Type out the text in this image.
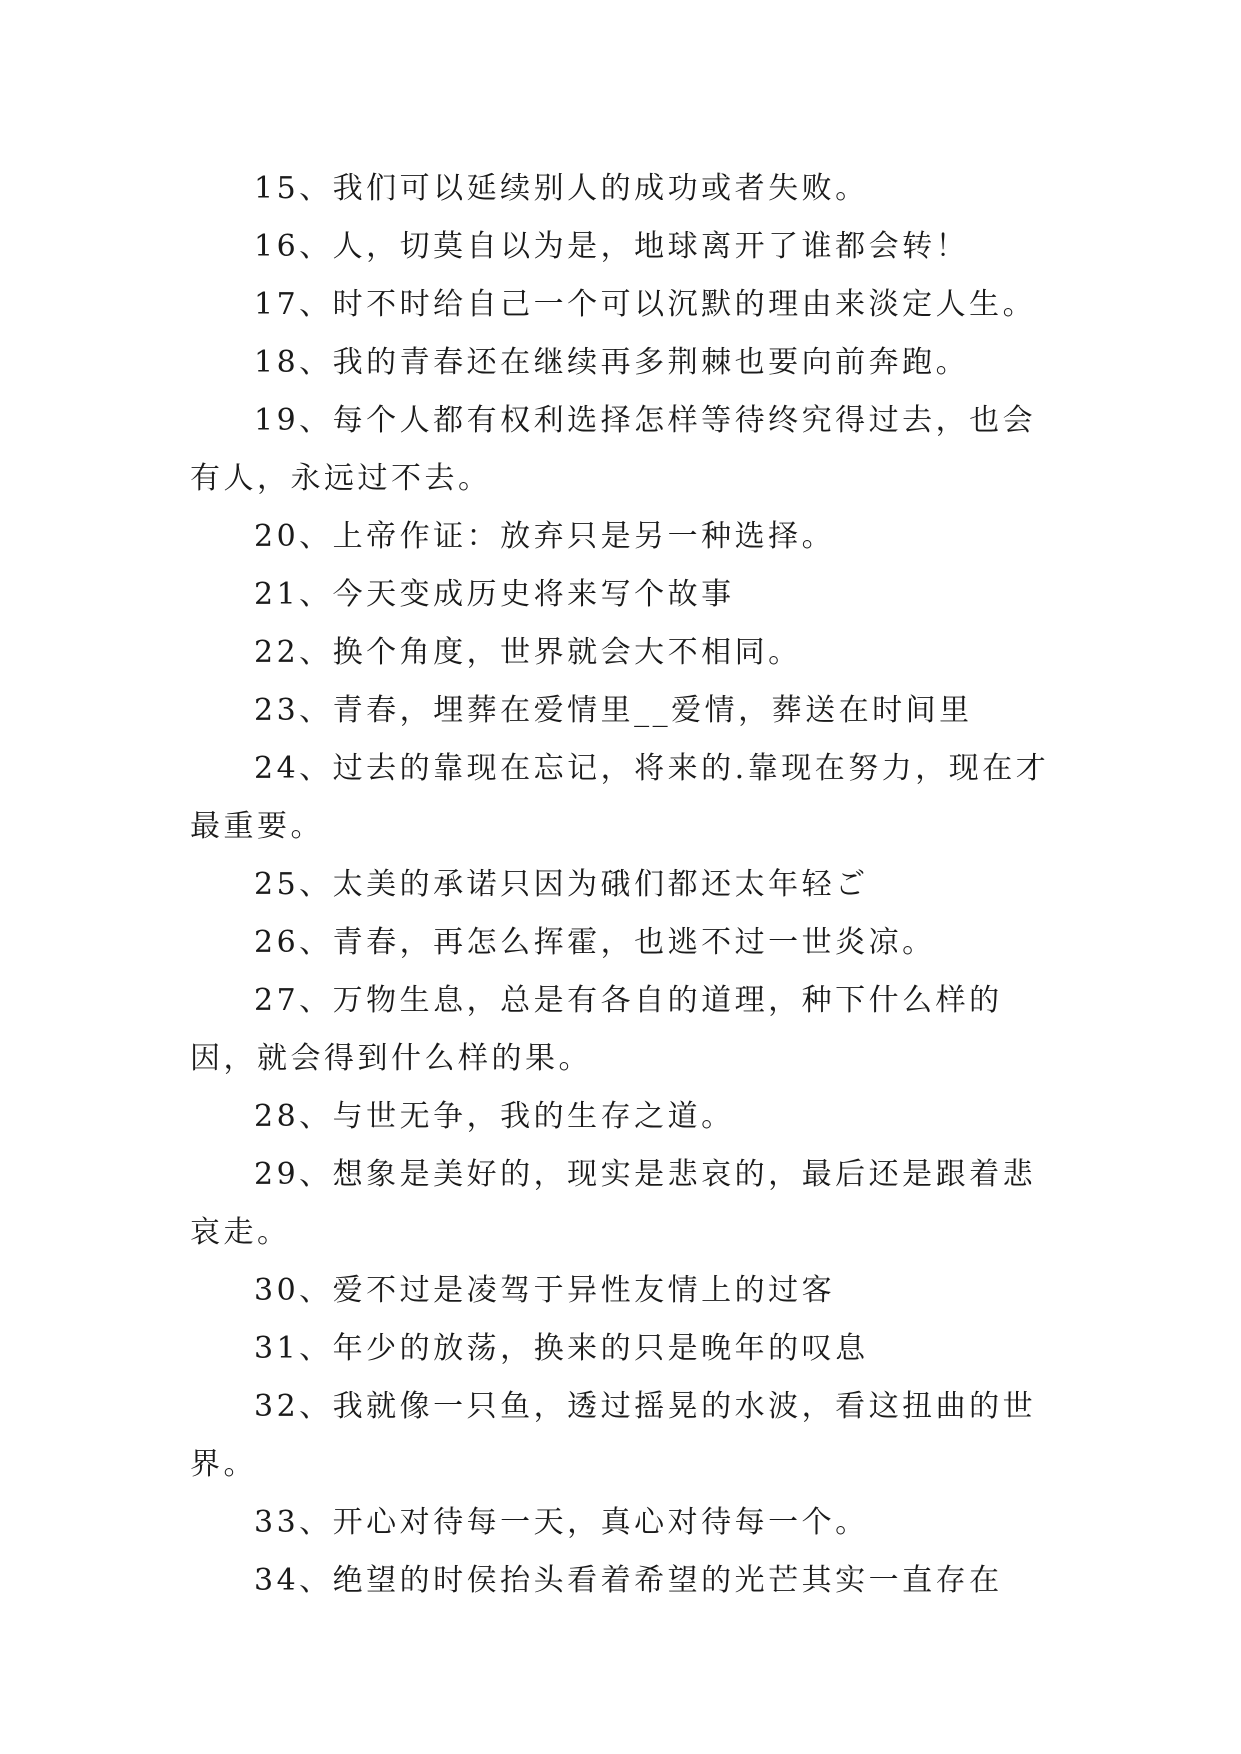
15、我们可以延续别人的成功或者失败。

16、人，切莫自以为是，地球离开了谁都会转！

17、时不时给自己一个可以沉默的理由来淡定人生。

18、我的青春还在继续再多荆棘也要向前奔跑。

19、每个人都有权利选择怎样等待终究得过去，也会有人，永远过不去。

20、上帝作证：放弃只是另一种选择。

21、今天变成历史将来写个故事

22、换个角度，世界就会大不相同。

23、青春，埋葬在爱情里__爱情，葬送在时间里

24、过去的靠现在忘记，将来的.靠现在努力，现在才最重要。

25、太美的承诺只因为硪们都还太年轻ご

26、青春，再怎么挥霍，也逃不过一世炎凉。

27、万物生息，总是有各自的道理，种下什么样的因，就会得到什么样的果。

28、与世无争，我的生存之道。

29、想象是美好的，现实是悲哀的，最后还是跟着悲哀走。

30、爱不过是凌驾于异性友情上的过客

31、年少的放荡，换来的只是晚年的叹息

32、我就像一只鱼，透过摇晃的水波，看这扭曲的世界。

33、开心对待每一天，真心对待每一个。

34、绝望的时侯抬头看着希望的光芒其实一直存在
